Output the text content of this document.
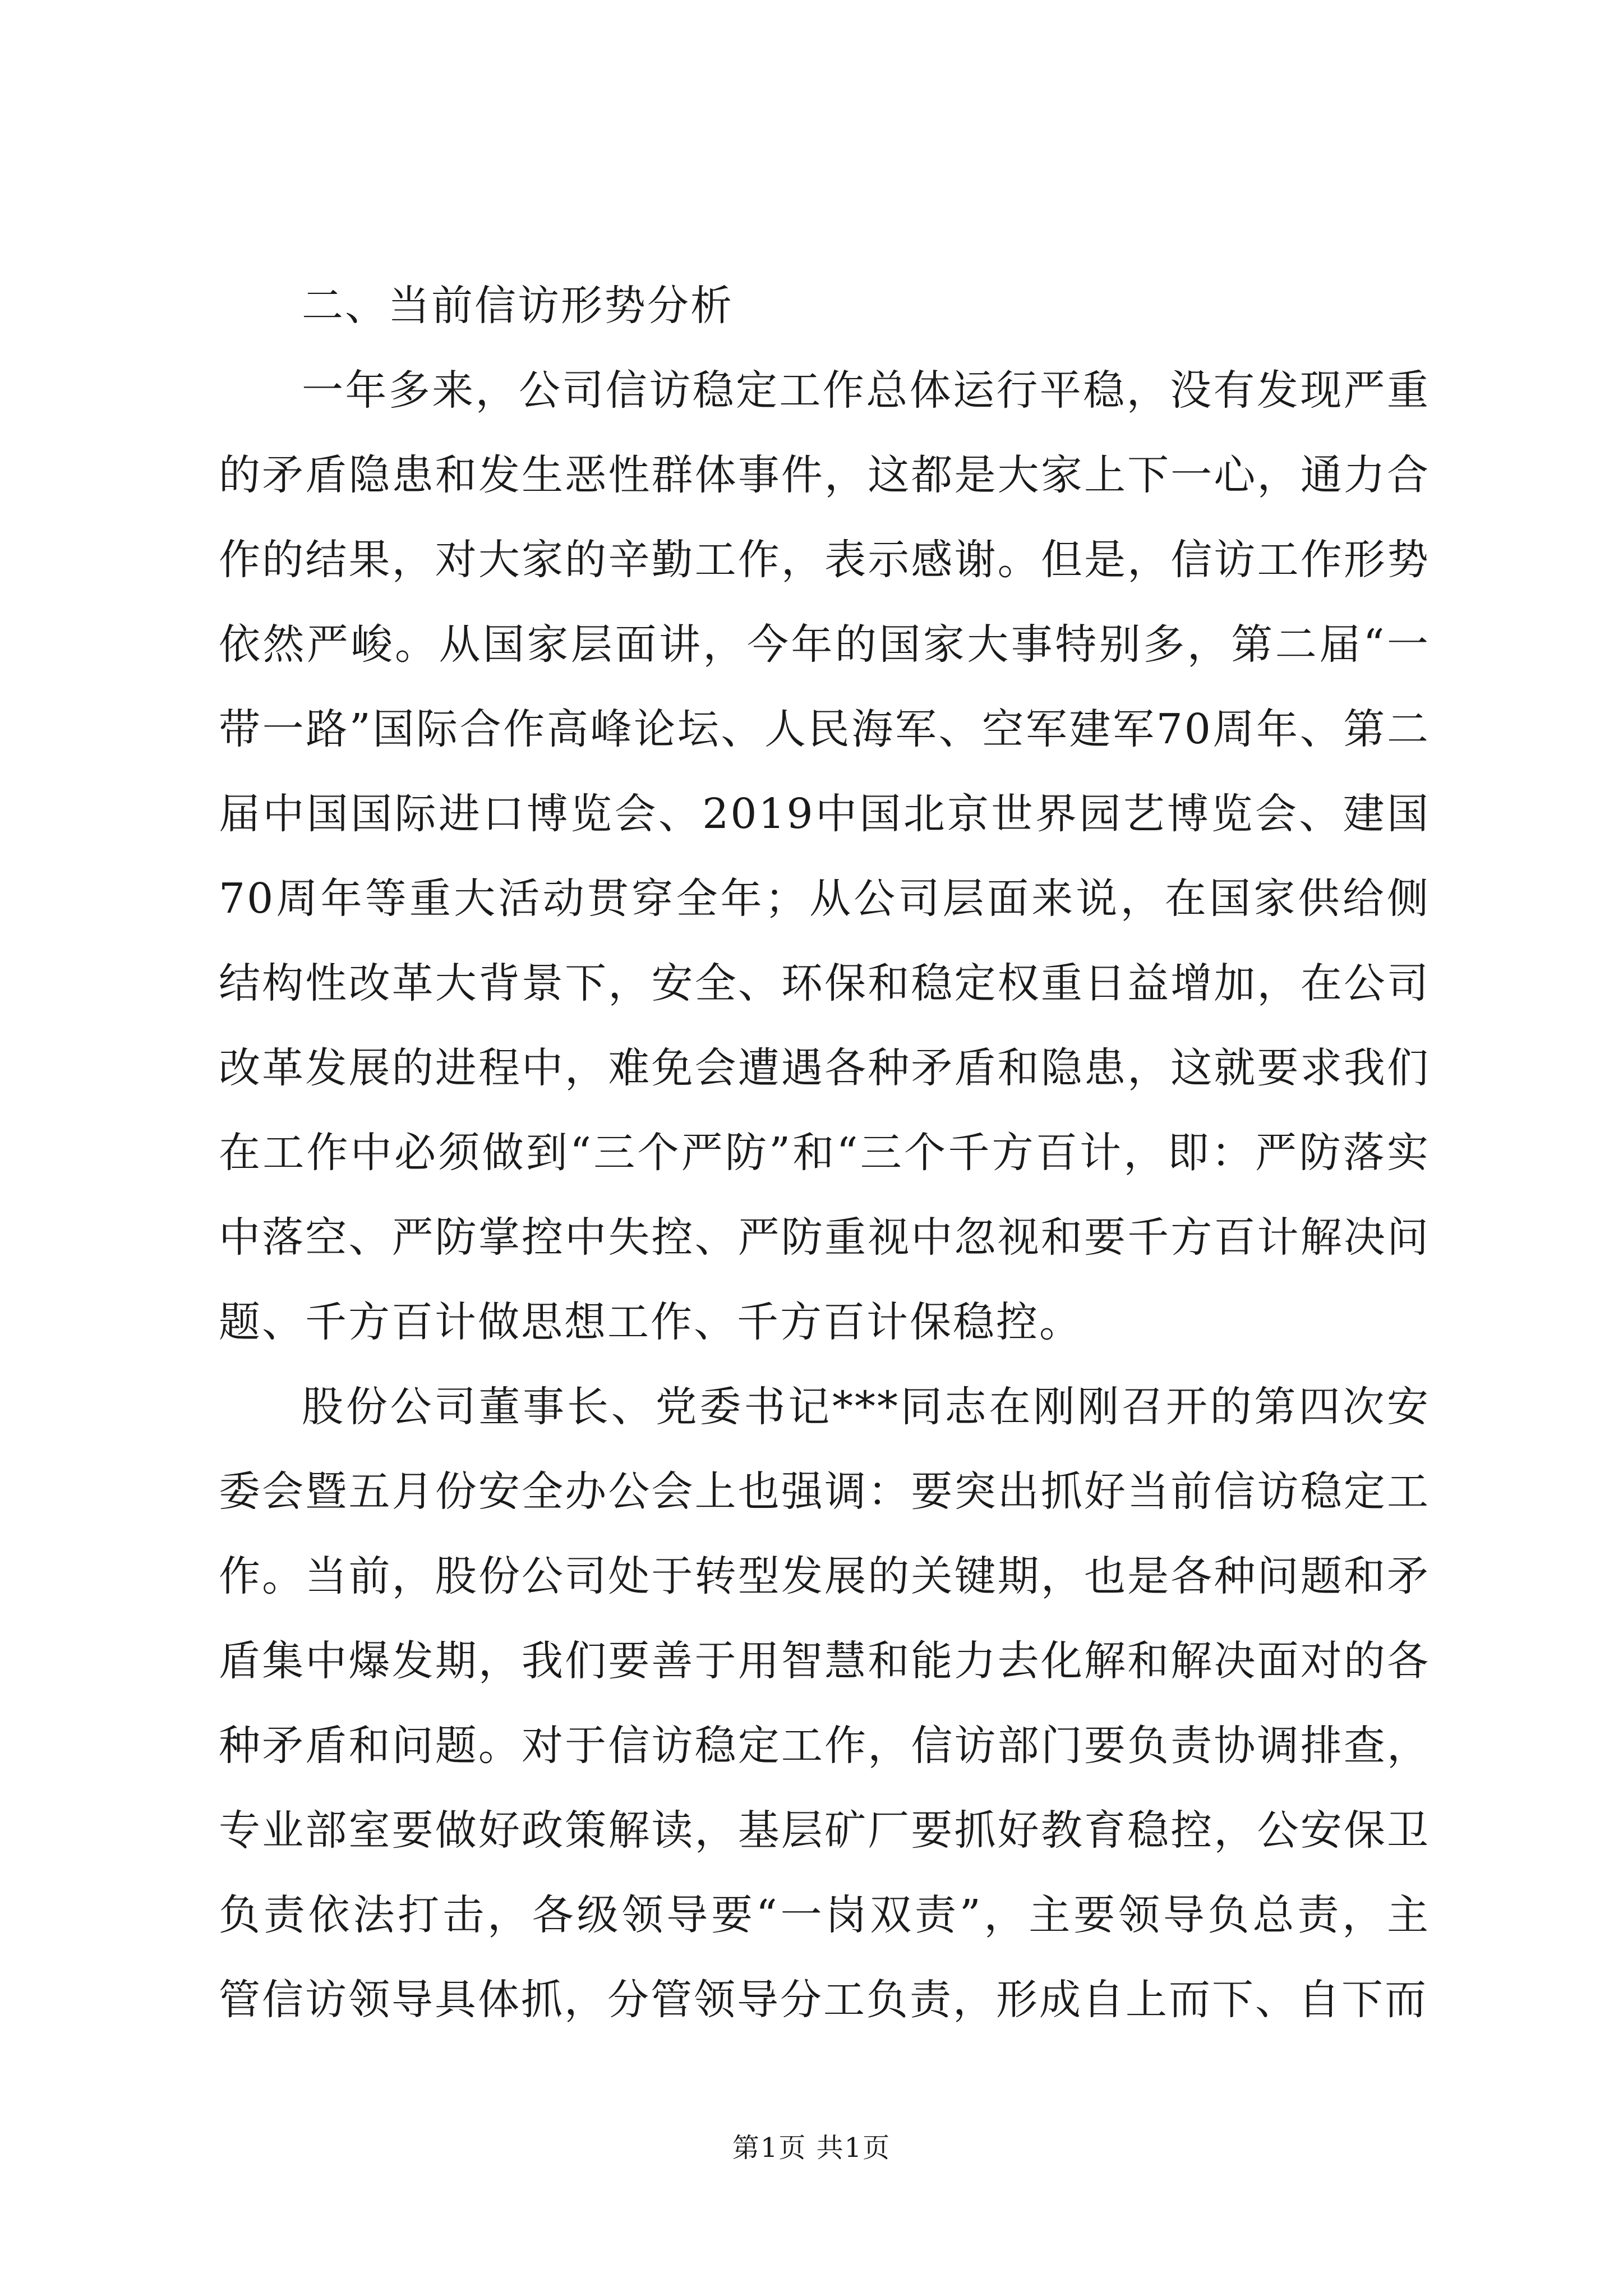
二、当前信访形势分析

一年多来，公司信访稳定工作总体运行平稳，没有发现严重的矛盾隐患和发生恶性群体事件，这都是大家上下一心，通力合作的结果，对大家的辛勤工作，表示感谢。但是，信访工作形势依然严峻。从国家层面讲，今年的国家大事特别多，第二届“一带一路”国际合作高峰论坛、人民海军、空军建军70周年、第二届中国国际进口博览会、2019中国北京世界园艺博览会、建国70周年等重大活动贯穿全年；从公司层面来说，在国家供给侧结构性改革大背景下，安全、环保和稳定权重日益增加，在公司改革发展的进程中，难免会遭遇各种矛盾和隐患，这就要求我们在工作中必须做到“三个严防”和“三个千方百计，即：严防落实中落空、严防掌控中失控、严防重视中忽视和要千方百计解决问题、千方百计做思想工作、千方百计保稳控。

股份公司董事长、党委书记***同志在刚刚召开的第四次安委会暨五月份安全办公会上也强调：要突出抓好当前信访稳定工作。当前，股份公司处于转型发展的关键期，也是各种问题和矛盾集中爆发期，我们要善于用智慧和能力去化解和解决面对的各种矛盾和问题。对于信访稳定工作，信访部门要负责协调排查，专业部室要做好政策解读，基层矿厂要抓好教育稳控，公安保卫负责依法打击，各级领导要“一岗双责”，主要领导负总责，主管信访领导具体抓，分管领导分工负责，形成自上而下、自下而

第1页 共1页
